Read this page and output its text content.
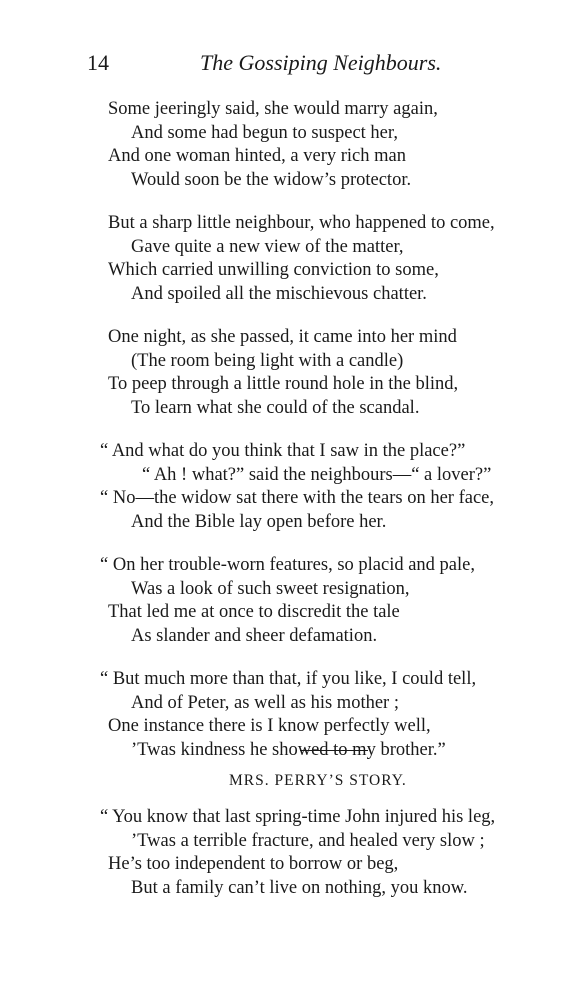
14	The Gossiping Neighbours.
Some jeeringly said, she would marry again,
And some had begun to suspect her,
And one woman hinted, a very rich man
Would soon be the widow’s protector.
But a sharp little neighbour, who happened to come,
Gave quite a new view of the matter,
Which carried unwilling conviction to some,
And spoiled all the mischievous chatter.
One night, as she passed, it came into her mind
(The room being light with a candle)
To peep through a little round hole in the blind,
To learn what she could of the scandal.
“ And what do you think that I saw in the place?”
“ Ah ! what?” said the neighbours—“ a lover?”
“ No—the widow sat there with the tears on her face,
And the Bible lay open before her.
“ On her trouble-worn features, so placid and pale,
Was a look of such sweet resignation,
That led me at once to discredit the tale
As slander and sheer defamation.
“ But much more than that, if you like, I could tell,
And of Peter, as well as his mother ;
One instance there is I know perfectly well,
’Twas kindness he showed to my brother.”
MRS. PERRY’S STORY.
“ You know that last spring-time John injured his leg,
’Twas a terrible fracture, and healed very slow ;
He’s too independent to borrow or beg,
But a family can’t live on nothing, you know.
